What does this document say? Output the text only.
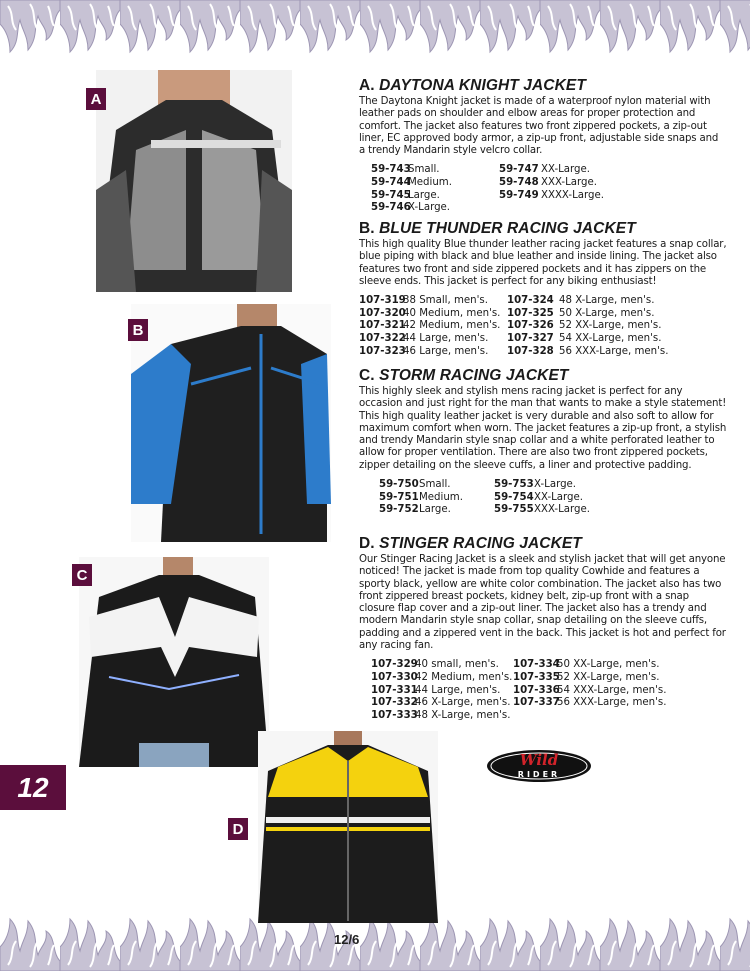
A
B
C
D
12
A. DAYTONA KNIGHT JACKET

The Daytona Knight jacket is made of a waterproof nylon material with leather pads on shoulder and elbow areas for proper protection and comfort. The jacket also features two front zippered pockets, a zip-out liner, EC approved body armor, a zip-up front, adjustable side snaps and a trendy Mandarin style velcro collar.

59-743Small.
59-744Medium.
59-745Large.
59-746X-Large.
59-747 XX-Large.
59-748 XXX-Large.
59-749 XXXX-Large.
B. BLUE THUNDER RACING JACKET

This high quality Blue thunder leather racing jacket features a snap collar, blue piping with black and blue leather and inside lining. The jacket also features two front and side zippered pockets and it has zippers on the sleeve ends. This jacket is perfect for any biking enthusiast!

107-31938 Small, men's.
107-32040 Medium, men's.
107-32142 Medium, men's.
107-32244 Large, men's.
107-32346 Large, men's.
107-324 48 X-Large, men's.
107-325 50 X-Large, men's.
107-326 52 XX-Large, men's.
107-327 54 XX-Large, men's.
107-328 56 XXX-Large, men's.
C. STORM RACING JACKET

This highly sleek and stylish mens racing jacket is perfect for any occasion and just right for the man that wants to make a style statement! This high quality leather jacket is very durable and also soft to allow for maximum comfort when worn. The jacket features a zip-up front, a stylish and trendy Mandarin style snap collar and a white perforated leather to allow for proper ventilation. There are also two front zippered pockets, zipper detailing on the sleeve cuffs, a liner and protective padding.

59-750Small.
59-751Medium.
59-752Large.
59-753X-Large.
59-754XX-Large.
59-755XXX-Large.
D. STINGER RACING JACKET

Our Stinger Racing Jacket is a sleek and stylish jacket that will get anyone noticed! The jacket is made from top quality Cowhide and features a sporty black, yellow are white color combination. The jacket also has two front zippered breast pockets, kidney belt, zip-up front with a snap closure flap cover and a zip-out liner. The jacket also has a trendy and modern Mandarin style snap collar, snap detailing on the sleeve cuffs, padding and a zippered vent in the back. This jacket is hot and perfect for any racing fan.

107-32940 small, men's.
107-33042 Medium, men's.
107-33144 Large, men's.
107-33246 X-Large, men's.
107-33348 X-Large, men's.
107-33450 XX-Large, men's.
107-33552 XX-Large, men's.
107-33654 XXX-Large, men's.
107-33756 XXX-Large, men's.
Wild
RIDER
12/6
